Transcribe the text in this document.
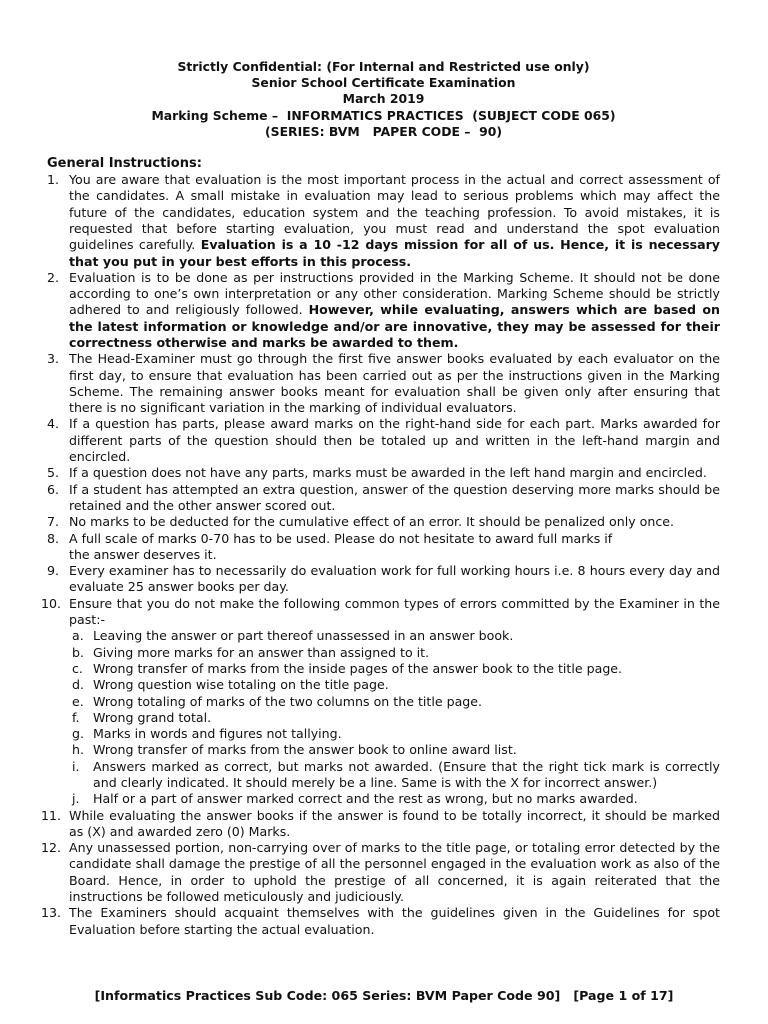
Strictly Confidential: (For Internal and Restricted use only)
Senior School Certificate Examination
March 2019
Marking Scheme –  INFORMATICS PRACTICES  (SUBJECT CODE 065)
(SERIES: BVM   PAPER CODE –  90)
General Instructions:
1. You are aware that evaluation is the most important process in the actual and correct assessment of the candidates. A small mistake in evaluation may lead to serious problems which may affect the future of the candidates, education system and the teaching profession. To avoid mistakes, it is requested that before starting evaluation, you must read and understand the spot evaluation guidelines carefully. Evaluation is a 10 -12 days mission for all of us. Hence, it is necessary that you put in your best efforts in this process.
2. Evaluation is to be done as per instructions provided in the Marking Scheme. It should not be done according to one’s own interpretation or any other consideration. Marking Scheme should be strictly adhered to and religiously followed. However, while evaluating, answers which are based on the latest information or knowledge and/or are innovative, they may be assessed for their correctness otherwise and marks be awarded to them.
3. The Head-Examiner must go through the first five answer books evaluated by each evaluator on the first day, to ensure that evaluation has been carried out as per the instructions given in the Marking Scheme. The remaining answer books meant for evaluation shall be given only after ensuring that there is no significant variation in the marking of individual evaluators.
4. If a question has parts, please award marks on the right-hand side for each part. Marks awarded for different parts of the question should then be totaled up and written in the left-hand margin and encircled.
5. If a question does not have any parts, marks must be awarded in the left hand margin and encircled.
6. If a student has attempted an extra question, answer of the question deserving more marks should be retained and the other answer scored out.
7. No marks to be deducted for the cumulative effect of an error. It should be penalized only once.
8. A full scale of marks 0-70 has to be used. Please do not hesitate to award full marks if
the answer deserves it.
9. Every examiner has to necessarily do evaluation work for full working hours i.e. 8 hours every day and evaluate 25 answer books per day.
10. Ensure that you do not make the following common types of errors committed by the Examiner in the past:-
a. Leaving the answer or part thereof unassessed in an answer book.
b. Giving more marks for an answer than assigned to it.
c. Wrong transfer of marks from the inside pages of the answer book to the title page.
d. Wrong question wise totaling on the title page.
e. Wrong totaling of marks of the two columns on the title page.
f.	Wrong grand total.
g. Marks in words and figures not tallying.
h. Wrong transfer of marks from the answer book to online award list.
i.	Answers marked as correct, but marks not awarded. (Ensure that the right tick mark is correctly and clearly indicated. It should merely be a line. Same is with the X for incorrect answer.)
j.	Half or a part of answer marked correct and the rest as wrong, but no marks awarded.
11. While evaluating the answer books if the answer is found to be totally incorrect, it should be marked as (X) and awarded zero (0) Marks.
12. Any unassessed portion, non-carrying over of marks to the title page, or totaling error detected by the candidate shall damage the prestige of all the personnel engaged in the evaluation work as also of the Board. Hence, in order to uphold the prestige of all concerned, it is again reiterated that the instructions be followed meticulously and judiciously.
13. The Examiners should acquaint themselves with the guidelines given in the Guidelines for spot Evaluation before starting the actual evaluation.
[Informatics Practices Sub Code: 065 Series: BVM Paper Code 90]   [Page 1 of 17]
